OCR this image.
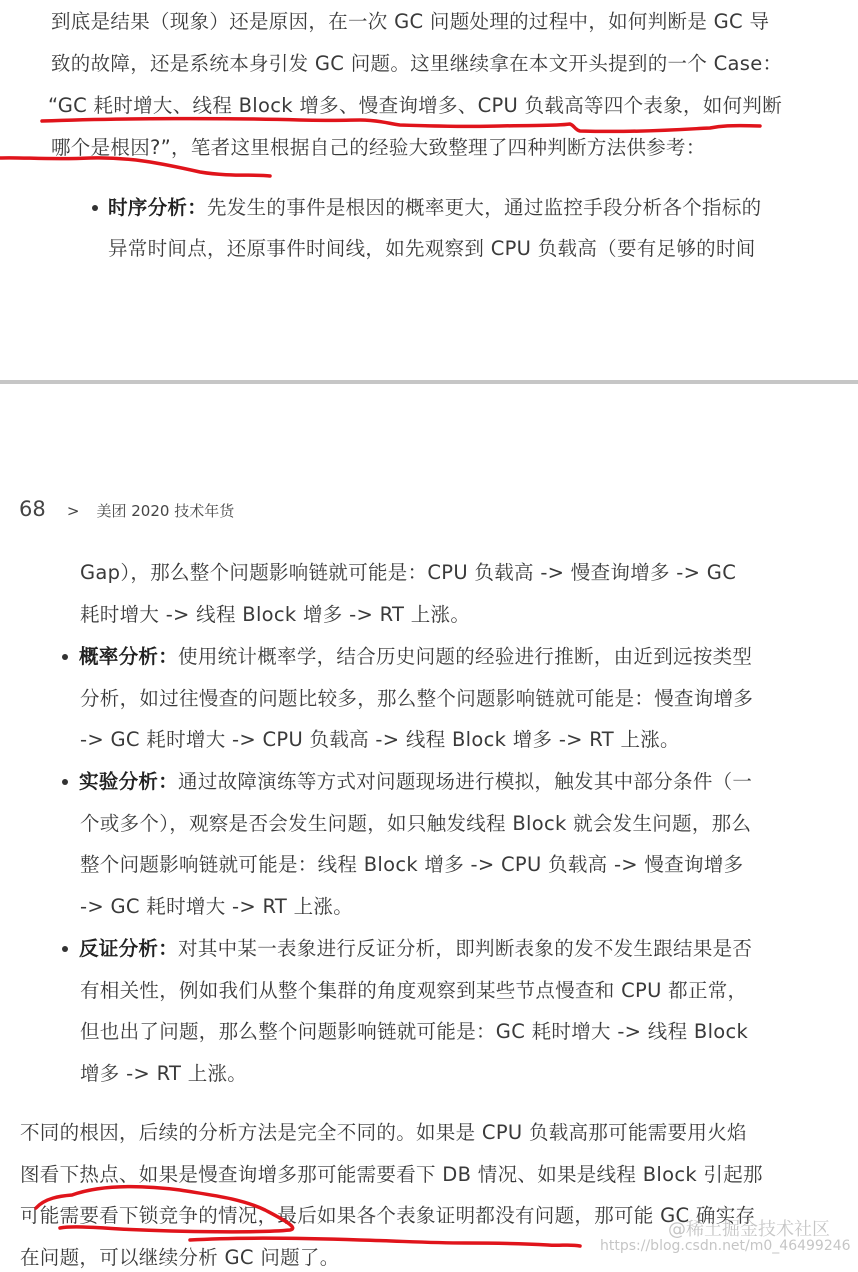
到底是结果（现象）还是原因，在一次 GC 问题处理的过程中，如何判断是 GC 导
致的故障，还是系统本身引发 GC 问题。这里继续拿在本文开头提到的一个 Case：
“GC 耗时增大、线程 Block 增多、慢查询增多、CPU 负载高等四个表象，如何判断
哪个是根因?”，笔者这里根据自己的经验大致整理了四种判断方法供参考：
时序分析：先发生的事件是根因的概率更大，通过监控手段分析各个指标的
异常时间点，还原事件时间线，如先观察到 CPU 负载高（要有足够的时间
68 > 美团 2020 技术年货
Gap），那么整个问题影响链就可能是：CPU 负载高 -> 慢查询增多 -> GC
耗时增大 -> 线程 Block 增多 -> RT 上涨。
概率分析：使用统计概率学，结合历史问题的经验进行推断，由近到远按类型
分析，如过往慢查的问题比较多，那么整个问题影响链就可能是：慢查询增多
-> GC 耗时增大 -> CPU 负载高 -> 线程 Block 增多 -> RT 上涨。
实验分析：通过故障演练等方式对问题现场进行模拟，触发其中部分条件（一
个或多个），观察是否会发生问题，如只触发线程 Block 就会发生问题，那么
整个问题影响链就可能是：线程 Block 增多 -> CPU 负载高 -> 慢查询增多
-> GC 耗时增大 -> RT 上涨。
反证分析：对其中某一表象进行反证分析，即判断表象的发不发生跟结果是否
有相关性，例如我们从整个集群的角度观察到某些节点慢查和 CPU 都正常，
但也出了问题，那么整个问题影响链就可能是：GC 耗时增大 -> 线程 Block
增多 -> RT 上涨。
不同的根因，后续的分析方法是完全不同的。如果是 CPU 负载高那可能需要用火焰
图看下热点、如果是慢查询增多那可能需要看下 DB 情况、如果是线程 Block 引起那
可能需要看下锁竞争的情况，最后如果各个表象证明都没有问题，那可能 GC 确实存
在问题，可以继续分析 GC 问题了。
@稀土掘金技术社区
https://blog.csdn.net/m0_46499246
